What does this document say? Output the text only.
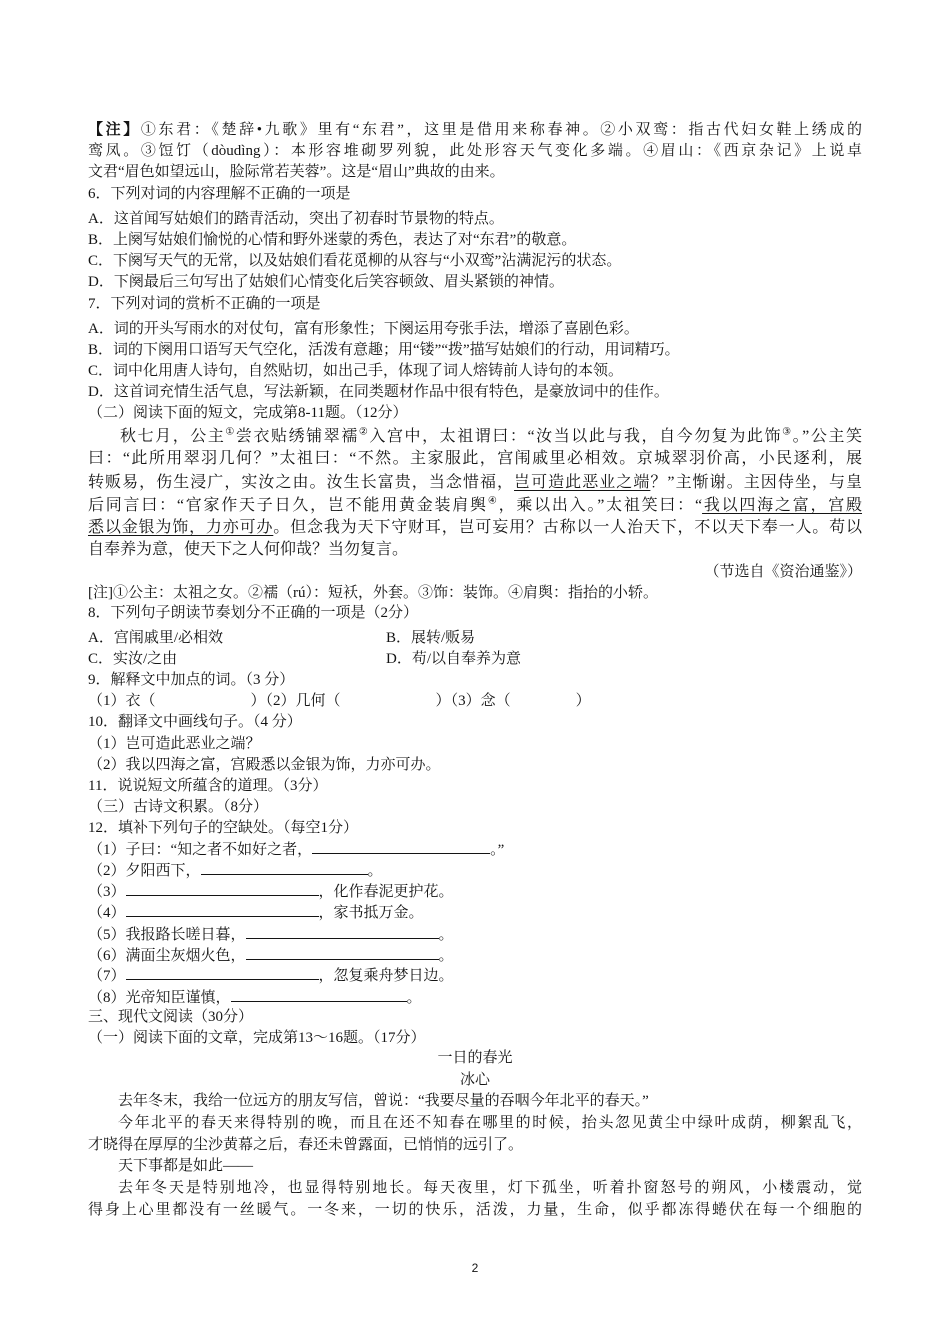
【注】①东君：《楚辞•九歌》里有“东君”，这里是借用来称春神。②小双鸾：指古代妇女鞋上绣成的
鸾凤。③饾饤（dòudìng）：本形容堆砌罗列貌，此处形容天气变化多端。④眉山：《西京杂记》上说卓
文君“眉色如望远山，脸际常若芙蓉”。这是“眉山”典故的由来。
6．下列对词的内容理解不正确的一项是
A．这首闻写姑娘们的踏青活动，突出了初春时节景物的特点。
B．上阕写姑娘们愉悦的心情和野外迷蒙的秀色，表达了对“东君”的敬意。
C．下阕写天气的无常，以及姑娘们看花觅柳的从容与“小双鸾”沾满泥污的状态。
D．下阕最后三句写出了姑娘们心情变化后笑容顿敛、眉头紧锁的神情。
7．下列对词的赏析不正确的一项是
A．词的开头写雨水的对仗句，富有形象性；下阕运用夸张手法，增添了喜剧色彩。
B．词的下阕用口语写天气空化，活泼有意趣；用“镂”“拨”描写姑娘们的行动，用词精巧。
C．词中化用唐人诗句，自然贴切，如出己手，体现了词人熔铸前人诗句的本领。
D．这首词充情生活气息，写法新颖，在同类题材作品中很有特色，是豪放词中的佳作。
（二）阅读下面的短文，完成第8-11题。（12分）
秋七月，公主①尝衣贴绣铺翠襦②入宫中，太祖谓曰：“汝当以此与我，自今勿复为此饰③。”公主笑
曰：“此所用翠羽几何？”太祖曰：“不然。主家服此，宫闱戚里必相效。京城翠羽价高，小民逐利，展
转贩易，伤生浸广，实汝之由。汝生长富贵，当念惜福，岂可造此恶业之端？”主惭谢。主因侍坐，与皇
后同言曰：“官家作天子日久，岂不能用黄金装肩舆④，乘以出入。”太祖笑曰：“我以四海之富，宫殿
悉以金银为饰，力亦可办。但念我为天下守财耳，岂可妄用？古称以一人治天下，不以天下奉一人。苟以
自奉养为意，使天下之人何仰哉？当勿复言。
（节选自《资治通鉴》）
[注]①公主：太祖之女。②襦（rú）：短袄，外套。③饰：装饰。④肩舆：指抬的小轿。
8．下列句子朗读节奏划分不正确的一项是（2分）
A．宫闱戚里/必相效	B．展转/贩易
C．实汝/之由	D．苟/以自奉养为意
9．解释文中加点的词。（3 分）
（1）衣（	）（2）几何（	）（3）念（	）
10．翻译文中画线句子。（4 分）
（1）岂可造此恶业之端？
（2）我以四海之富，宫殿悉以金银为饰，力亦可办。
11．说说短文所蕴含的道理。（3分）
（三）古诗文积累。（8分）
12．填补下列句子的空缺处。（每空1分）
（1）子曰：“知之者不如好之者，	。”
（2）夕阳西下，	。
（3）	，化作春泥更护花。
（4）	，家书抵万金。
（5）我报路长嗟日暮，	。
（6）满面尘灰烟火色，	。
（7）	，忽复乘舟梦日边。
（8）光帝知臣谨慎，	。
三、现代文阅读（30分）
（一）阅读下面的文章，完成第13～16题。（17分）
一日的春光
冰心
去年冬末，我给一位远方的朋友写信，曾说：“我要尽量的吞咽今年北平的春天。”
今年北平的春天来得特别的晚，而且在还不知春在哪里的时候，抬头忽见黄尘中绿叶成荫，柳絮乱飞，
才晓得在厚厚的尘沙黄幕之后，春还未曾露面，已悄悄的远引了。
天下事都是如此——
去年冬天是特别地冷，也显得特别地长。每天夜里，灯下孤坐，听着扑窗怒号的朔风，小楼震动，觉
得身上心里都没有一丝暖气。一冬来，一切的快乐，活泼，力量，生命，似乎都冻得蜷伏在每一个细胞的
2
